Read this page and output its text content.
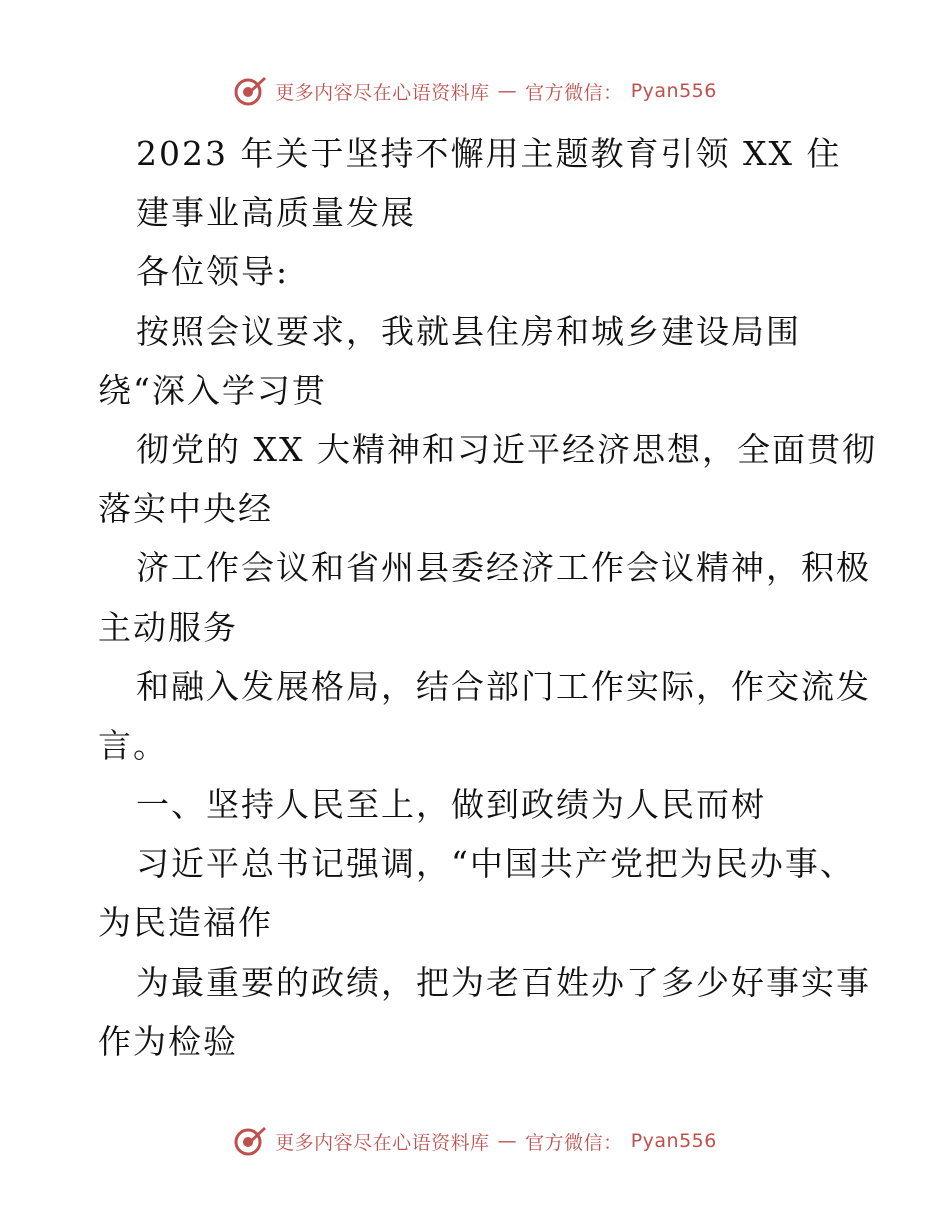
更多内容尽在心语资料库 — 官方微信： Pyan556
2023 年关于坚持不懈用主题教育引领 XX 住
建事业高质量发展
各位领导:
按照会议要求，我就县住房和城乡建设局围
绕“深入学习贯
彻党的 XX 大精神和习近平经济思想，全面贯彻
落实中央经
济工作会议和省州县委经济工作会议精神，积极
主动服务
和融入发展格局，结合部门工作实际，作交流发
言。
一、坚持人民至上，做到政绩为人民而树
习近平总书记强调，“中国共产党把为民办事、
为民造福作
为最重要的政绩，把为老百姓办了多少好事实事
作为检验
更多内容尽在心语资料库 — 官方微信： Pyan556
